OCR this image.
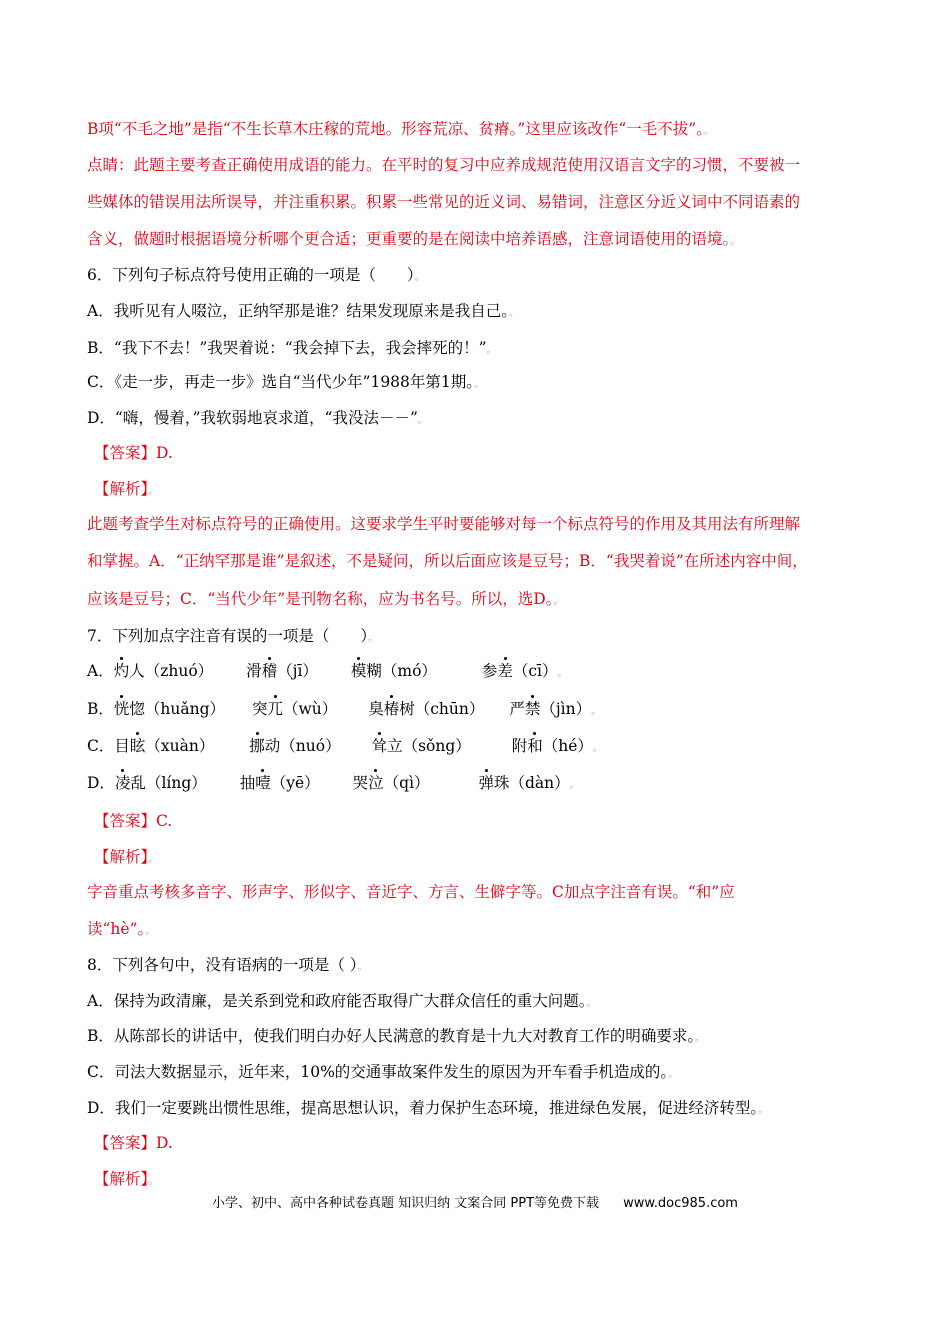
B项“不毛之地”是指“不生长草木庄稼的荒地。形容荒凉、贫瘠。”这里应该改作“一毛不拔”。。
点睛：此题主要考查正确使用成语的能力。在平时的复习中应养成规范使用汉语言文字的习惯，不要被一
些媒体的错误用法所误导，并注重积累。积累一些常见的近义词、易错词，注意区分近义词中不同语素的
含义，做题时根据语境分析哪个更合适；更重要的是在阅读中培养语感，注意词语使用的语境。。
6．下列句子标点符号使用正确的一项是（　　）。
A．我听见有人啜泣，正纳罕那是谁？结果发现原来是我自己。。
B．“我下不去！”我哭着说：“我会掉下去，我会摔死的！”。
C．《走一步，再走一步》选自“当代少年”1988年第1期。。
D．“嗨，慢着，”我软弱地哀求道，“我没法－－”。
【答案】D.
【解析】。
此题考查学生对标点符号的正确使用。这要求学生平时要能够对每一个标点符号的作用及其用法有所理解
和掌握。A．“正纳罕那是谁”是叙述，不是疑问，所以后面应该是豆号；B．“我哭着说”在所述内容中间，
应该是豆号；C．“当代少年”是刊物名称，应为书名号。所以，选D。。
7．下列加点字注音有误的一项是（　　）。
A．灼人（zhuó） 滑稽（jī） 模糊（mó）	参差（cī）。
B．恍惚（huǎng） 突兀（wù） 臭椿树（chūn） 严禁（jìn）。
C．目眩（xuàn） 挪动（nuó） 耸立（sǒng）	附和（hé）。
D．凌乱（líng） 抽噎（yē） 哭泣（qì）	弹珠（dàn）。
【答案】C.
【解析】。
字音重点考核多音字、形声字、形似字、音近字、方言、生僻字等。C加点字注音有误。“和”应
读“hè”。。
8．下列各句中，没有语病的一项是（ ）。
A．保持为政清廉，是关系到党和政府能否取得广大群众信任的重大问题。。
B．从陈部长的讲话中，使我们明白办好人民满意的教育是十九大对教育工作的明确要求。。
C．司法大数据显示，近年来，10%的交通事故案件发生的原因为开车看手机造成的。。
D．我们一定要跳出惯性思维，提高思想认识，着力保护生态环境，推进绿色发展，促进经济转型。。
【答案】D.
【解析】。
小学、初中、高中各种试卷真题 知识归纳 文案合同 PPT等免费下载 www.doc985.com
